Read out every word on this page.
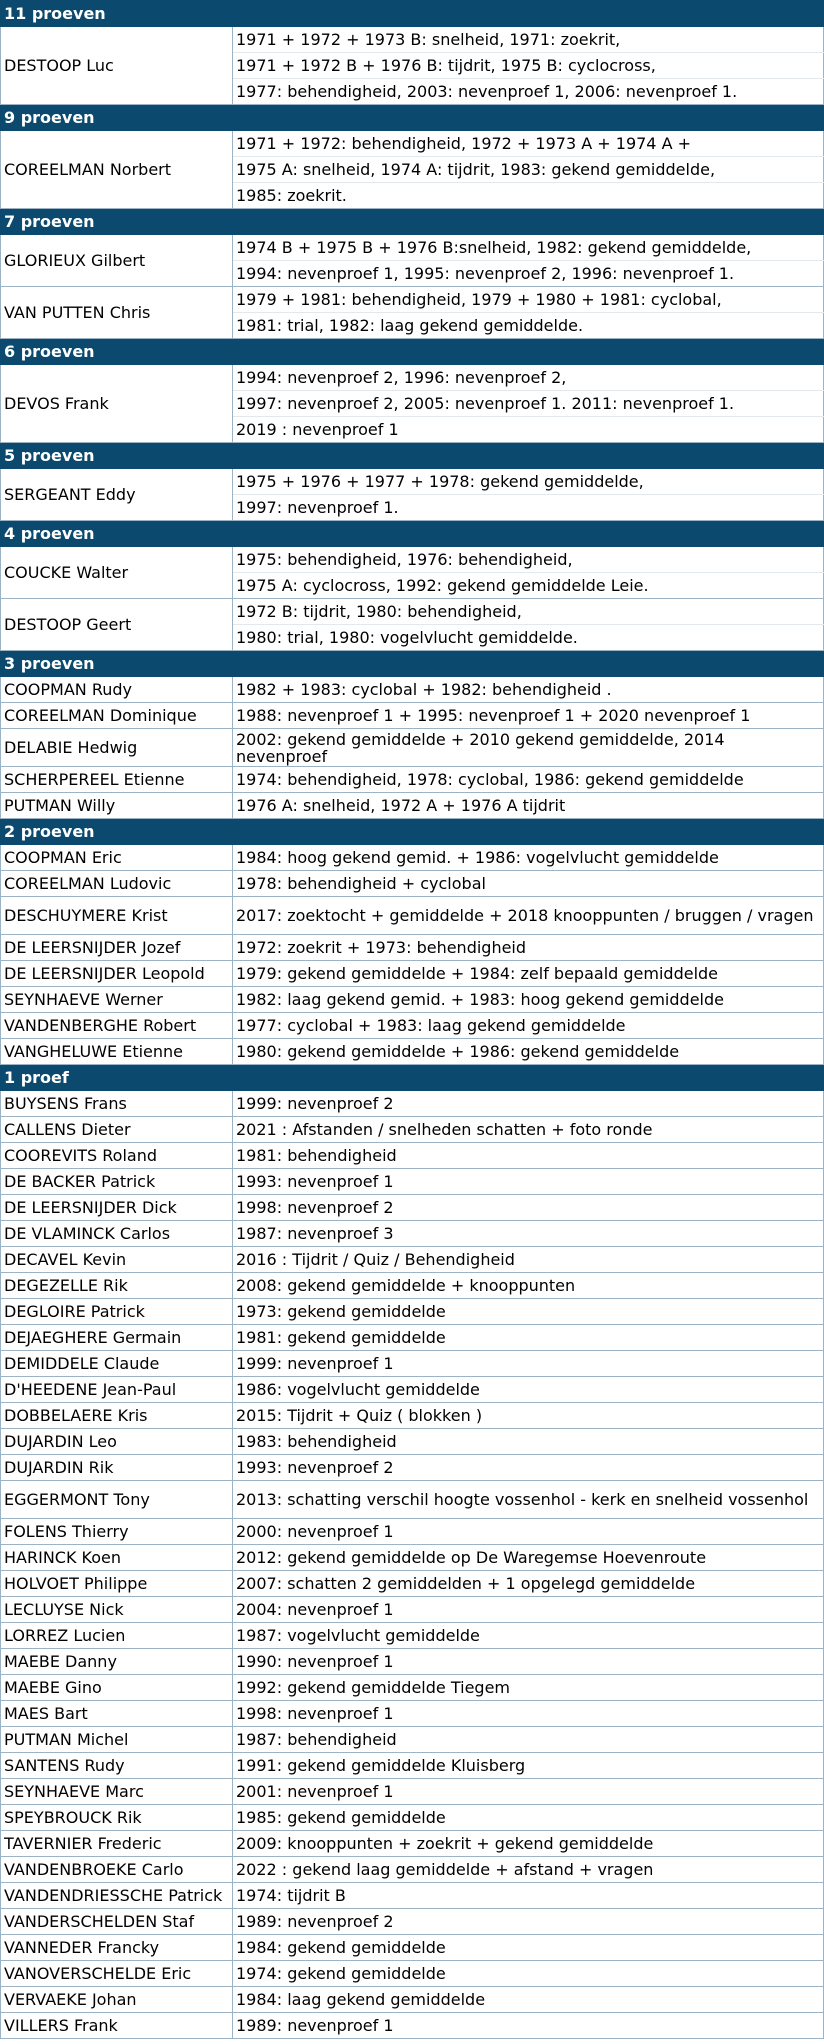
11 proeven	
DESTOOP Luc	1971 + 1972 + 1973 B: snelheid, 1971: zoekrit,
	1971 + 1972 B + 1976 B: tijdrit, 1975 B: cyclocross,
	1977: behendigheid, 2003: nevenproef 1, 2006: nevenproef 1.
9 proeven	
COREELMAN Norbert	1971 + 1972: behendigheid, 1972 + 1973 A + 1974 A +
	1975 A: snelheid, 1974 A: tijdrit, 1983: gekend gemiddelde,
	1985: zoekrit.
7 proeven	
GLORIEUX Gilbert	1974 B + 1975 B + 1976 B:snelheid, 1982: gekend gemiddelde,
	1994: nevenproef 1, 1995: nevenproef 2, 1996: nevenproef 1.
VAN PUTTEN Chris	1979 + 1981: behendigheid, 1979 + 1980 + 1981: cyclobal,
	1981: trial, 1982: laag gekend gemiddelde.
6 proeven	
DEVOS Frank	1994: nevenproef 2, 1996: nevenproef 2,
	1997: nevenproef 2, 2005: nevenproef 1. 2011: nevenproef 1.
	2019 : nevenproef 1
5 proeven	
SERGEANT Eddy	1975 + 1976 + 1977 + 1978: gekend gemiddelde,
	1997: nevenproef 1.
4 proeven	
COUCKE Walter	1975: behendigheid, 1976: behendigheid,
	1975 A: cyclocross, 1992: gekend gemiddelde Leie.
DESTOOP Geert	1972 B: tijdrit, 1980: behendigheid,
	1980: trial, 1980: vogelvlucht gemiddelde.
3 proeven	
COOPMAN Rudy	1982 + 1983: cyclobal + 1982: behendigheid .
COREELMAN Dominique	1988: nevenproef 1 + 1995: nevenproef 1 + 2020 nevenproef 1
DELABIE Hedwig	2002: gekend gemiddelde + 2010 gekend gemiddelde, 2014 nevenproef
SCHERPEREEL Etienne	1974: behendigheid, 1978: cyclobal, 1986: gekend gemiddelde
PUTMAN Willy	1976 A: snelheid, 1972 A + 1976 A tijdrit
2 proeven	
COOPMAN Eric	1984: hoog gekend gemid. + 1986: vogelvlucht gemiddelde
COREELMAN Ludovic	1978: behendigheid + cyclobal
DESCHUYMERE Krist	2017: zoektocht + gemiddelde + 2018 knooppunten / bruggen / vragen
DE LEERSNIJDER Jozef	1972: zoekrit + 1973: behendigheid
DE LEERSNIJDER Leopold	1979: gekend gemiddelde + 1984: zelf bepaald gemiddelde
SEYNHAEVE Werner	1982: laag gekend gemid. + 1983: hoog gekend gemiddelde
VANDENBERGHE Robert	1977: cyclobal + 1983: laag gekend gemiddelde
VANGHELUWE Etienne	1980: gekend gemiddelde + 1986: gekend gemiddelde
1 proef	
BUYSENS Frans	1999: nevenproef 2
CALLENS Dieter	2021 : Afstanden / snelheden schatten + foto ronde
COOREVITS Roland	1981: behendigheid
DE BACKER Patrick	1993: nevenproef 1
DE LEERSNIJDER Dick	1998: nevenproef 2
DE VLAMINCK Carlos	1987: nevenproef 3
DECAVEL Kevin	2016 : Tijdrit / Quiz / Behendigheid
DEGEZELLE Rik	2008: gekend gemiddelde + knooppunten
DEGLOIRE Patrick	1973: gekend gemiddelde
DEJAEGHERE Germain	1981: gekend gemiddelde
DEMIDDELE Claude	1999: nevenproef 1
D'HEEDENE Jean-Paul	1986: vogelvlucht gemiddelde
DOBBELAERE Kris	2015: Tijdrit + Quiz ( blokken )
DUJARDIN Leo	1983: behendigheid
DUJARDIN Rik	1993: nevenproef 2
EGGERMONT Tony	2013: schatting verschil hoogte vossenhol - kerk en snelheid vossenhol
FOLENS Thierry	2000: nevenproef 1
HARINCK Koen	2012: gekend gemiddelde op De Waregemse Hoevenroute
HOLVOET Philippe	2007: schatten 2 gemiddelden + 1 opgelegd gemiddelde
LECLUYSE Nick	2004: nevenproef 1
LORREZ Lucien	1987: vogelvlucht gemiddelde
MAEBE Danny	1990: nevenproef 1
MAEBE Gino	1992: gekend gemiddelde Tiegem
MAES Bart	1998: nevenproef 1
PUTMAN Michel	1987: behendigheid
SANTENS Rudy	1991: gekend gemiddelde Kluisberg
SEYNHAEVE Marc	2001: nevenproef 1
SPEYBROUCK Rik	1985: gekend gemiddelde
TAVERNIER Frederic	2009: knooppunten + zoekrit + gekend gemiddelde
VANDENBROEKE Carlo	2022 : gekend laag gemiddelde + afstand + vragen
VANDENDRIESSCHE Patrick	1974: tijdrit B
VANDERSCHELDEN Staf	1989: nevenproef 2
VANNEDER Francky	1984: gekend gemiddelde
VANOVERSCHELDE Eric	1974: gekend gemiddelde
VERVAEKE Johan	1984: laag gekend gemiddelde
VILLERS Frank	1989: nevenproef 1
